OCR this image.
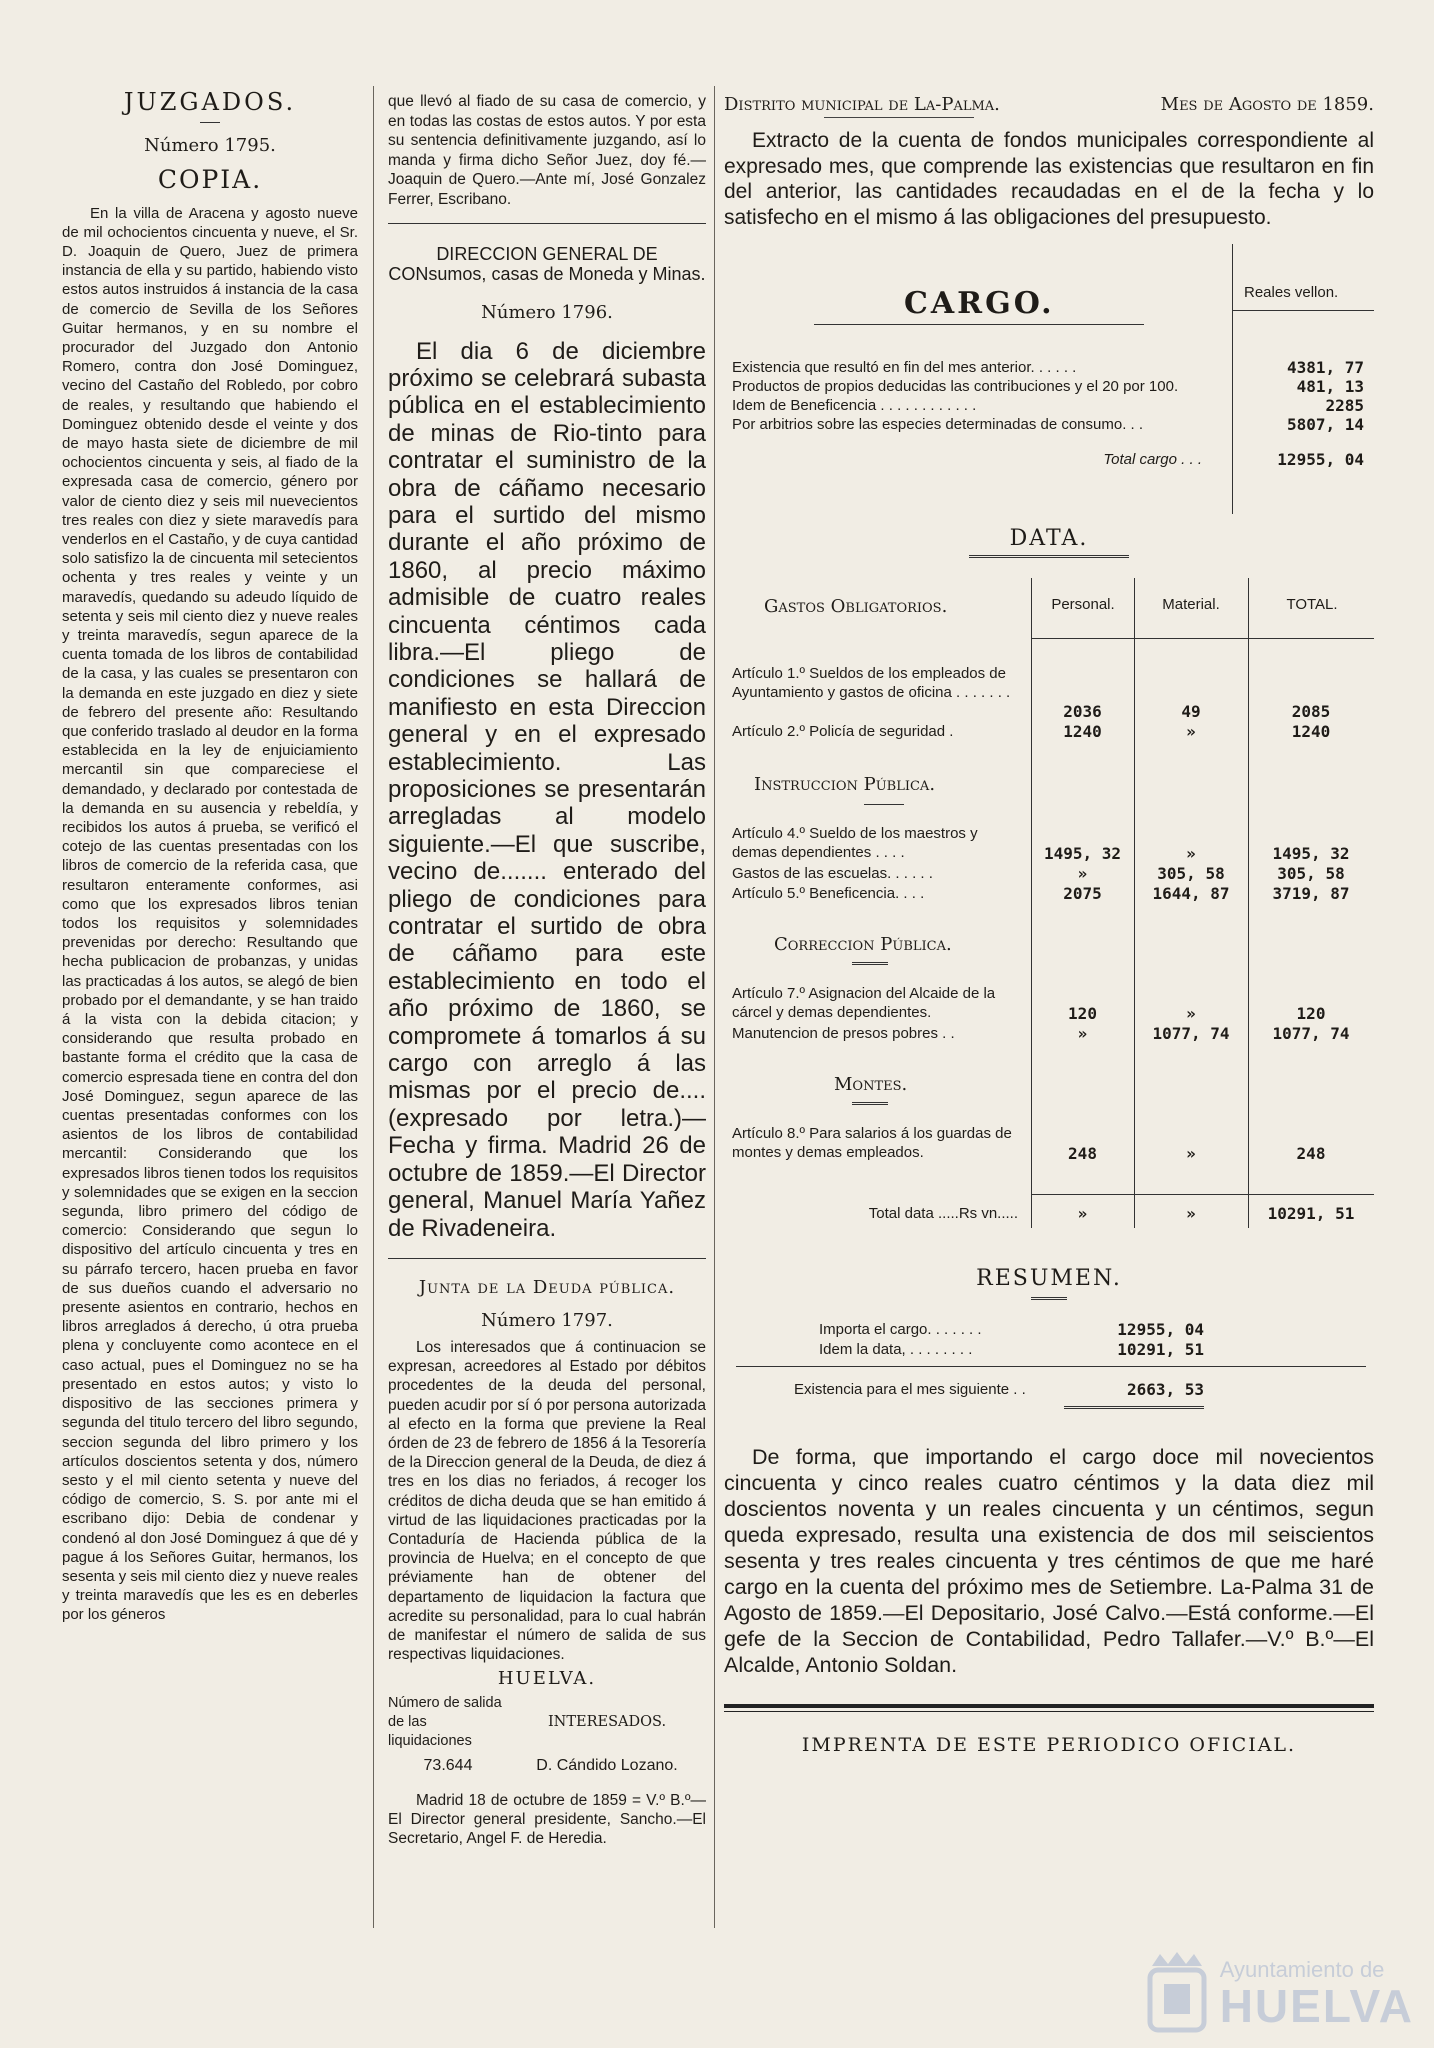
JUZGADOS.

Número 1795.

COPIA.

En la villa de Aracena y agosto nueve de mil ochocientos cincuenta y nueve, el Sr. D. Joaquin de Quero, Juez de primera instancia de ella y su partido, habiendo visto estos autos instruidos á instancia de la casa de comercio de Sevilla de los Señores Guitar hermanos, y en su nombre el procurador del Juzgado don Antonio Romero, contra don José Dominguez, vecino del Castaño del Robledo, por cobro de reales, y resultando que habiendo el Dominguez obtenido desde el veinte y dos de mayo hasta siete de diciembre de mil ochocientos cincuenta y seis, al fiado de la expresada casa de comercio, género por valor de ciento diez y seis mil nuevecientos tres reales con diez y siete maravedís para venderlos en el Castaño, y de cuya cantidad solo satisfizo la de cincuenta mil setecientos ochenta y tres reales y veinte y un maravedís, quedando su adeudo líquido de setenta y seis mil ciento diez y nueve reales y treinta maravedís, segun aparece de la cuenta tomada de los libros de contabilidad de la casa, y las cuales se presentaron con la demanda en este juzgado en diez y siete de febrero del presente año: Resultando que conferido traslado al deudor en la forma establecida en la ley de enjuiciamiento mercantil sin que compareciese el demandado, y declarado por contestada de la demanda en su ausencia y rebeldía, y recibidos los autos á prueba, se verificó el cotejo de las cuentas presentadas con los libros de comercio de la referida casa, que resultaron enteramente conformes, asi como que los expresados libros tenian todos los requisitos y solemnidades prevenidas por derecho: Resultando que hecha publicacion de probanzas, y unidas las practicadas á los autos, se alegó de bien probado por el demandante, y se han traido á la vista con la debida citacion; y considerando que resulta probado en bastante forma el crédito que la casa de comercio espresada tiene en contra del don José Dominguez, segun aparece de las cuentas presentadas conformes con los asientos de los libros de contabilidad mercantil: Considerando que los expresados libros tienen todos los requisitos y solemnidades que se exigen en la seccion segunda, libro primero del código de comercio: Considerando que segun lo dispositivo del artículo cincuenta y tres en su párrafo tercero, hacen prueba en favor de sus dueños cuando el adversario no presente asientos en contrario, hechos en libros arreglados á derecho, ú otra prueba plena y concluyente como acontece en el caso actual, pues el Dominguez no se ha presentado en estos autos; y visto lo dispositivo de las secciones primera y segunda del titulo tercero del libro segundo, seccion segunda del libro primero y los artículos doscientos setenta y dos, número sesto y el mil ciento setenta y nueve del código de comercio, S. S. por ante mi el escribano dijo: Debia de condenar y condenó al don José Dominguez á que dé y pague á los Señores Guitar, hermanos, los sesenta y seis mil ciento diez y nueve reales y treinta maravedís que les es en deberles por los géneros

que llevó al fiado de su casa de comercio, y en todas las costas de estos autos. Y por esta su sentencia definitivamente juzgando, así lo manda y firma dicho Señor Juez, doy fé.—Joaquin de Quero.—Ante mí, José Gonzalez Ferrer, Escribano.

DIRECCION GENERAL DE CONsumos, casas de Moneda y Minas.

Número 1796.

El dia 6 de diciembre próximo se celebrará subasta pública en el establecimiento de minas de Rio-tinto para contratar el suministro de la obra de cáñamo necesario para el surtido del mismo durante el año próximo de 1860, al precio máximo admisible de cuatro reales cincuenta céntimos cada libra.—El pliego de condiciones se hallará de manifiesto en esta Direccion general y en el expresado establecimiento. Las proposiciones se presentarán arregladas al modelo siguiente.—El que suscribe, vecino de....... enterado del pliego de condiciones para contratar el surtido de obra de cáñamo para este establecimiento en todo el año próximo de 1860, se compromete á tomarlos á su cargo con arreglo á las mismas por el precio de.... (expresado por letra.)—Fecha y firma. Madrid 26 de octubre de 1859.—El Director general, Manuel María Yañez de Rivadeneira.

Junta de la Deuda pública.

Número 1797.

Los interesados que á continuacion se expresan, acreedores al Estado por débitos procedentes de la deuda del personal, pueden acudir por sí ó por persona autorizada al efecto en la forma que previene la Real órden de 23 de febrero de 1856 á la Tesorería de la Direccion general de la Deuda, de diez á tres en los dias no feriados, á recoger los créditos de dicha deuda que se han emitido á virtud de las liquidaciones practicadas por la Contaduría de Hacienda pública de la provincia de Huelva; en el concepto de que préviamente han de obtener del departamento de liquidacion la factura que acredite su personalidad, para lo cual habrán de manifestar el número de salida de sus respectivas liquidaciones.

HUELVA.

Número de salida de las liquidaciones	INTERESADOS.
73.644	D. Cándido Lozano.

Madrid 18 de octubre de 1859 = V.º B.º—El Director general presidente, Sancho.—El Secretario, Angel F. de Heredia.

Distrito municipal de La-Palma.	Mes de Agosto de 1859.

Extracto de la cuenta de fondos municipales correspondiente al expresado mes, que comprende las existencias que resultaron en fin del anterior, las cantidades recaudadas en el de la fecha y lo satisfecho en el mismo á las obligaciones del presupuesto.

CARGO.	Reales vellon.

Existencia que resultó en fin del mes anterior. . . . . .	4381, 77
Productos de propios deducidas las contribuciones y el 20 por 100.	481, 13
Idem de Beneficencia . . . . . . . . . . . .	2285
Por arbitrios sobre las especies determinadas de consumo. . .	5807, 14
Total cargo . . .	12955, 04

DATA.

Gastos Obligatorios.	Personal.	Material.	TOTAL.

Artículo 1.º Sueldos de los empleados de Ayuntamiento y gastos de oficina . . . . . . .

2036	49	2085

Artículo 2.º Policía de seguridad .	1240	»	1240

Instruccion Pública.

Artículo 4.º Sueldo de los maestros y demas dependientes . . . .	1495, 32	»	1495, 32

Gastos de las escuelas. . . . . .	»	305, 58	305, 58

Artículo 5.º Beneficencia. . . .	2075	1644, 87	3719, 87

Correccion Pública.

Artículo 7.º Asignacion del Alcaide de la cárcel y demas dependientes.	120	»	120

Manutencion de presos pobres . .	»	1077, 74	1077, 74

Montes.

Artículo 8.º Para salarios á los guardas de montes y demas empleados.	248	»	248

Total data .....Rs vn.....	»	»	10291, 51

RESUMEN.

Importa el cargo. . . . . . .	12955, 04

Idem la data, . . . . . . . .	10291, 51

Existencia para el mes siguiente . .	2663, 53

De forma, que importando el cargo doce mil novecientos cincuenta y cinco reales cuatro céntimos y la data diez mil doscientos noventa y un reales cincuenta y un céntimos, segun queda expresado, resulta una existencia de dos mil seiscientos sesenta y tres reales cincuenta y tres céntimos de que me haré cargo en la cuenta del próximo mes de Setiembre. La-Palma 31 de Agosto de 1859.—El Depositario, José Calvo.—Está conforme.—El gefe de la Seccion de Contabilidad, Pedro Tallafer.—V.º B.º—El Alcalde, Antonio Soldan.

IMPRENTA DE ESTE PERIODICO OFICIAL.

Ayuntamiento de
HUELVA
